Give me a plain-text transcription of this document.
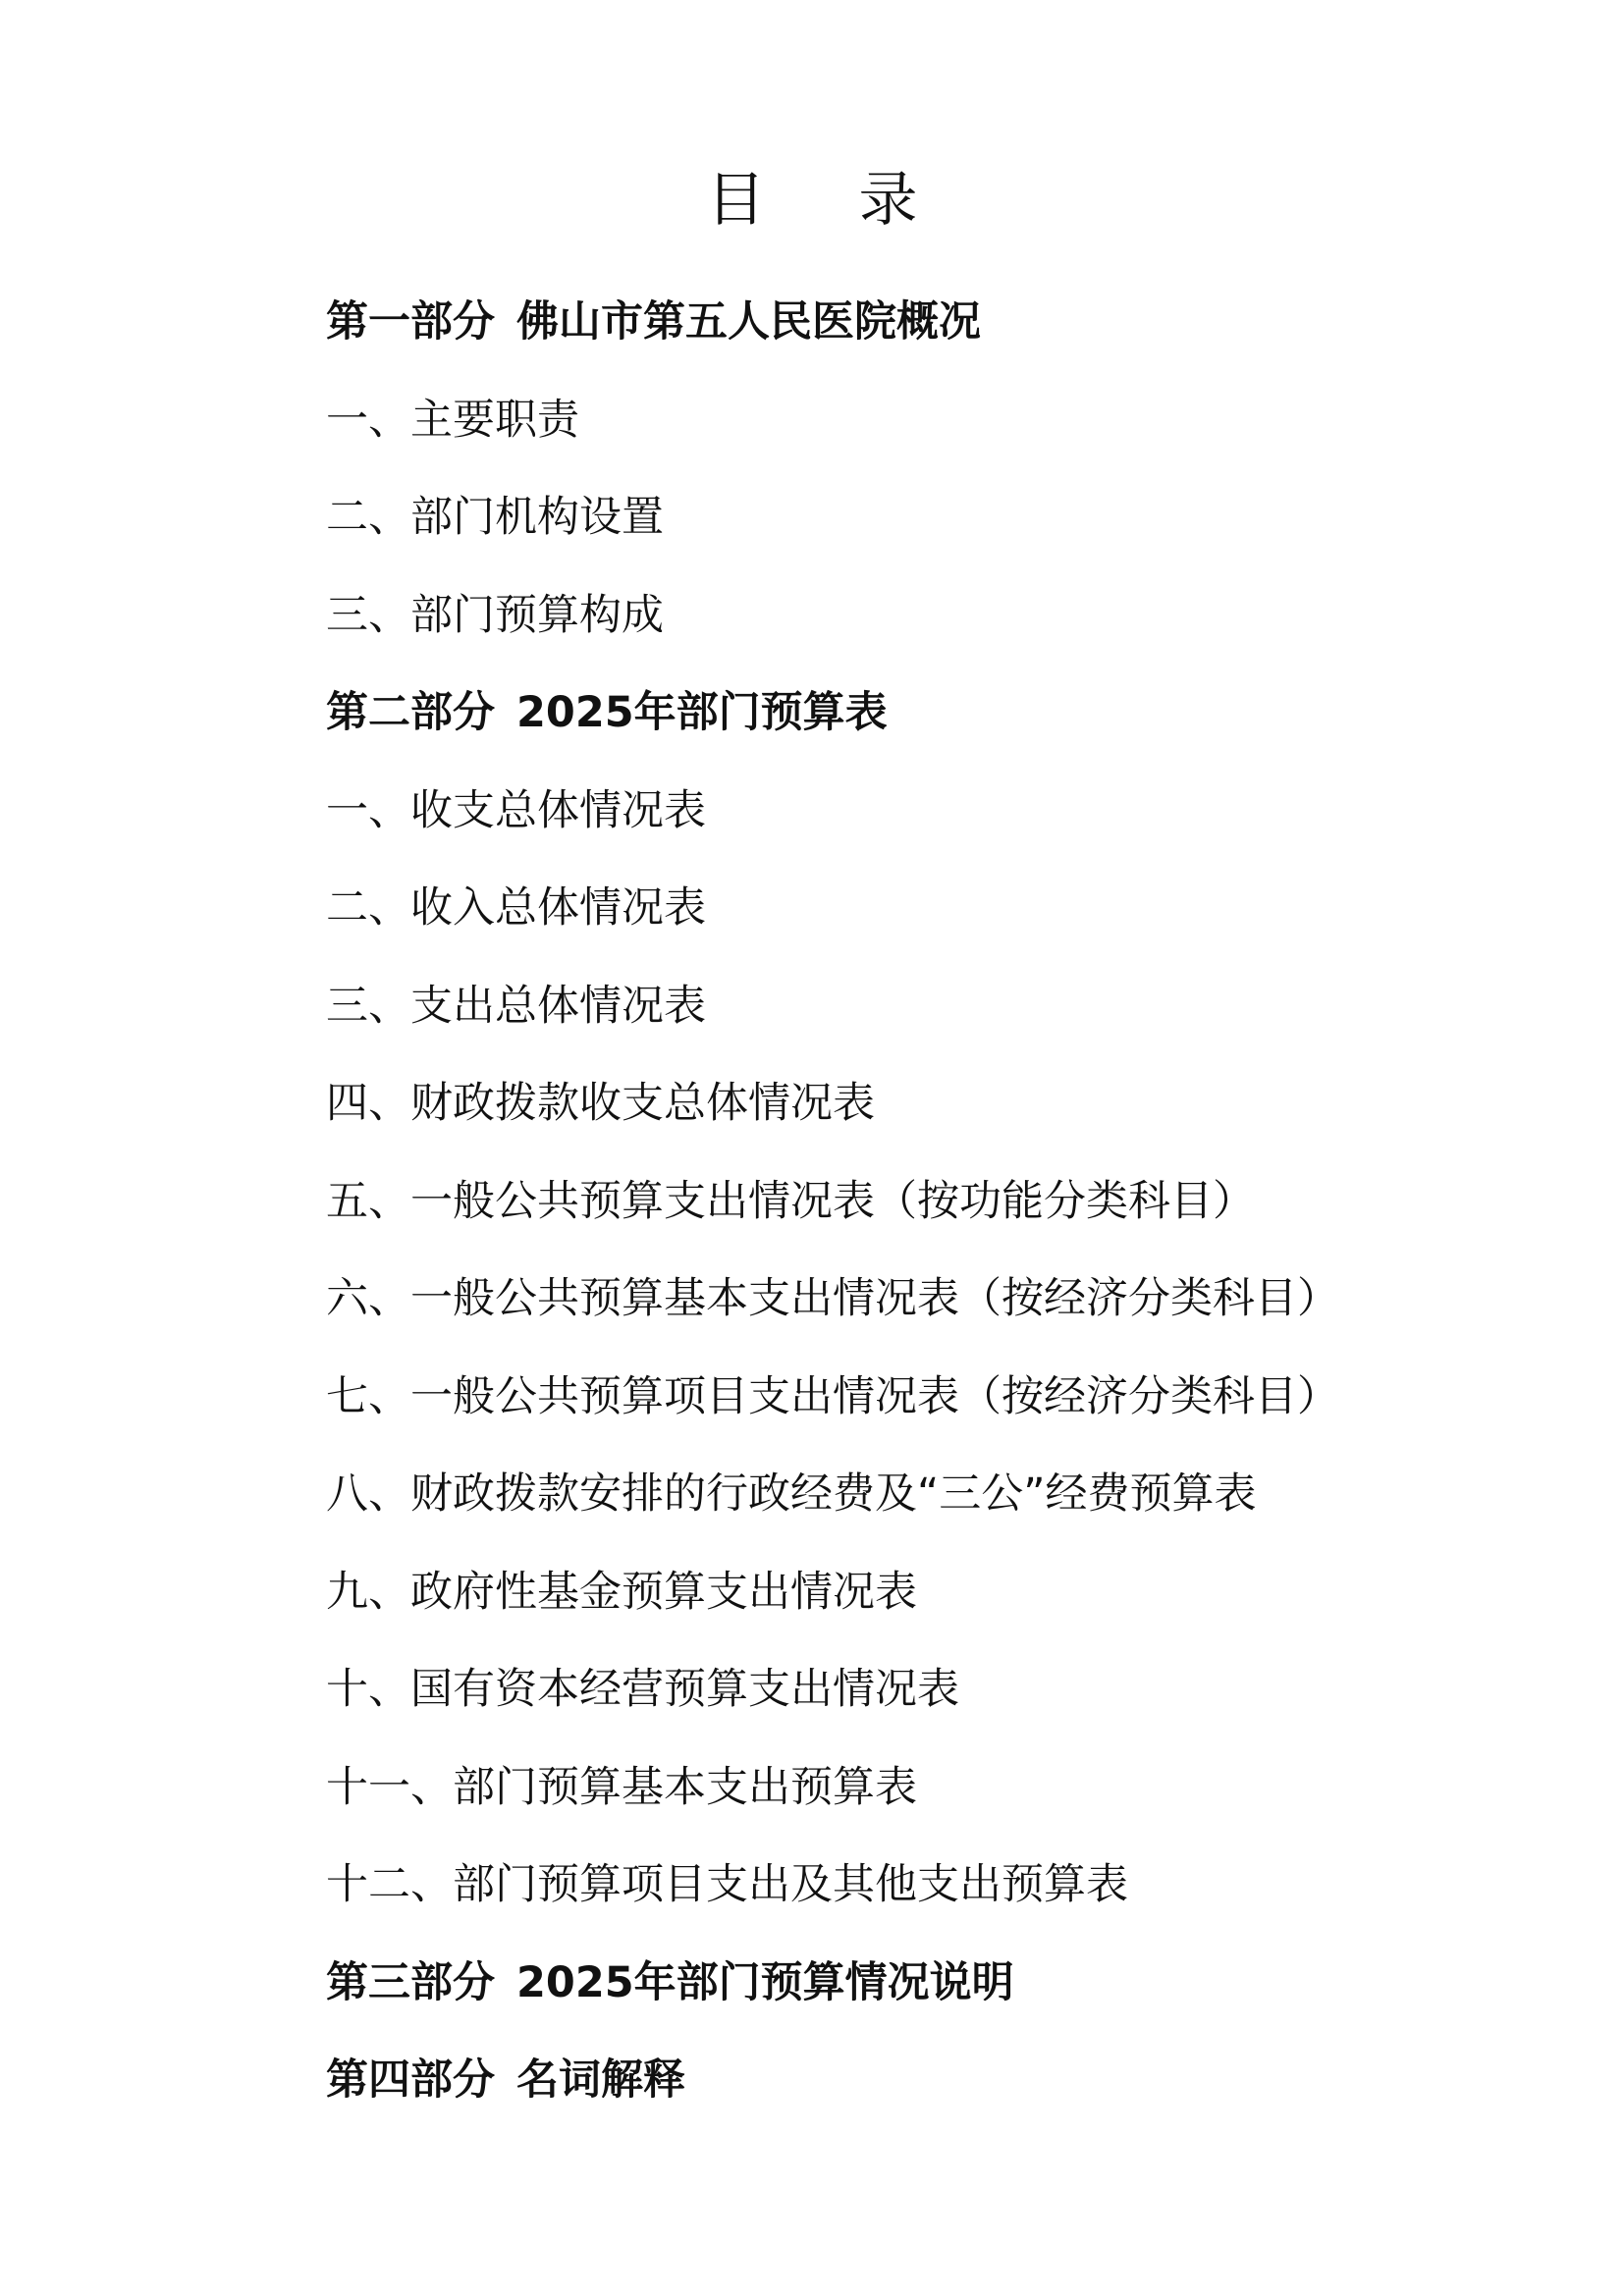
目 录
第一部分 佛山市第五人民医院概况
一、主要职责
二、部门机构设置
三、部门预算构成
第二部分 2025年部门预算表
一、收支总体情况表
二、收入总体情况表
三、支出总体情况表
四、财政拨款收支总体情况表
五、一般公共预算支出情况表（按功能分类科目）
六、一般公共预算基本支出情况表（按经济分类科目）
七、一般公共预算项目支出情况表（按经济分类科目）
八、财政拨款安排的行政经费及“三公”经费预算表
九、政府性基金预算支出情况表
十、国有资本经营预算支出情况表
十一、部门预算基本支出预算表
十二、部门预算项目支出及其他支出预算表
第三部分 2025年部门预算情况说明
第四部分 名词解释
